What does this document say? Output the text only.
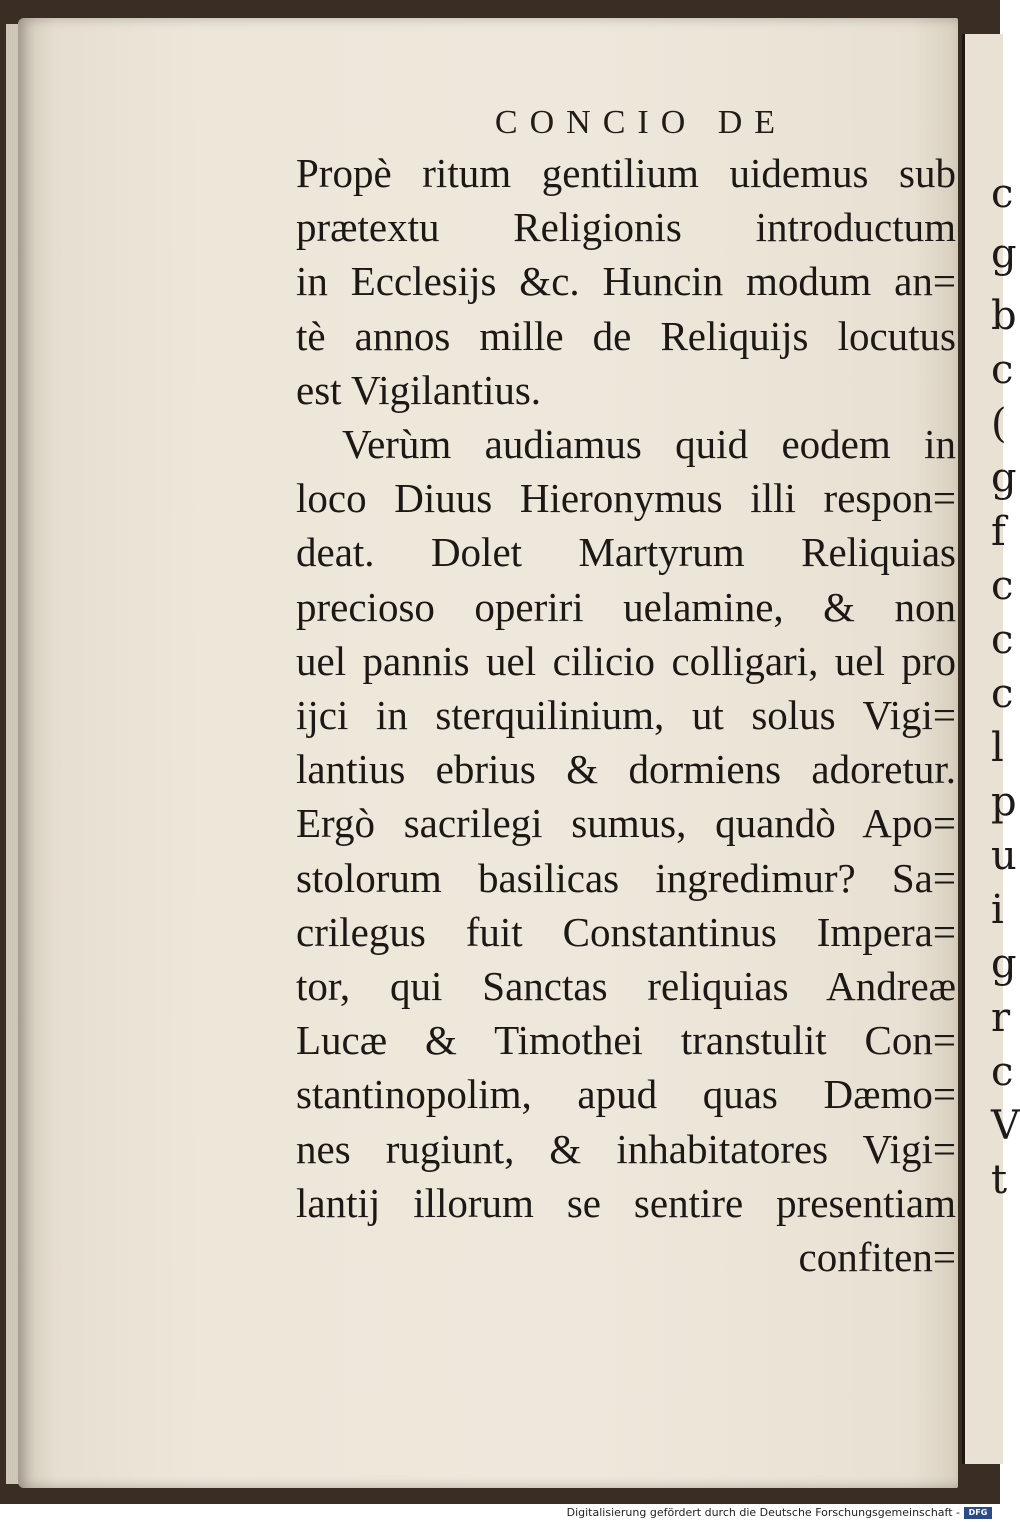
c
g
b
c
(
g
f
c
c
c
l
p
u
i
g
r
c
V
t
CONCIO DE
Propè ritum gentilium uidemus sub
prætextu Religionis introductum
in Ecclesijs &c. Huncin modum an=
tè annos mille de Reliquijs locutus
est Vigilantius.
Verùm audiamus quid eodem in
loco Diuus Hieronymus illi respon=
deat. Dolet Martyrum Reliquias
precioso operiri uelamine, & non
uel pannis uel cilicio colligari, uel pro
ijci in sterquilinium, ut solus Vigi=
lantius ebrius & dormiens adoretur.
Ergò sacrilegi sumus, quandò Apo=
stolorum basilicas ingredimur? Sa=
crilegus fuit Constantinus Impera=
tor, qui Sanctas reliquias Andreæ
Lucæ & Timothei transtulit Con=
stantinopolim, apud quas Dæmo=
nes rugiunt, & inhabitatores Vigi=
lantij illorum se sentire presentiam
confiten=
Digitalisierung gefördert durch die Deutsche Forschungsgemeinschaft -	DFG
